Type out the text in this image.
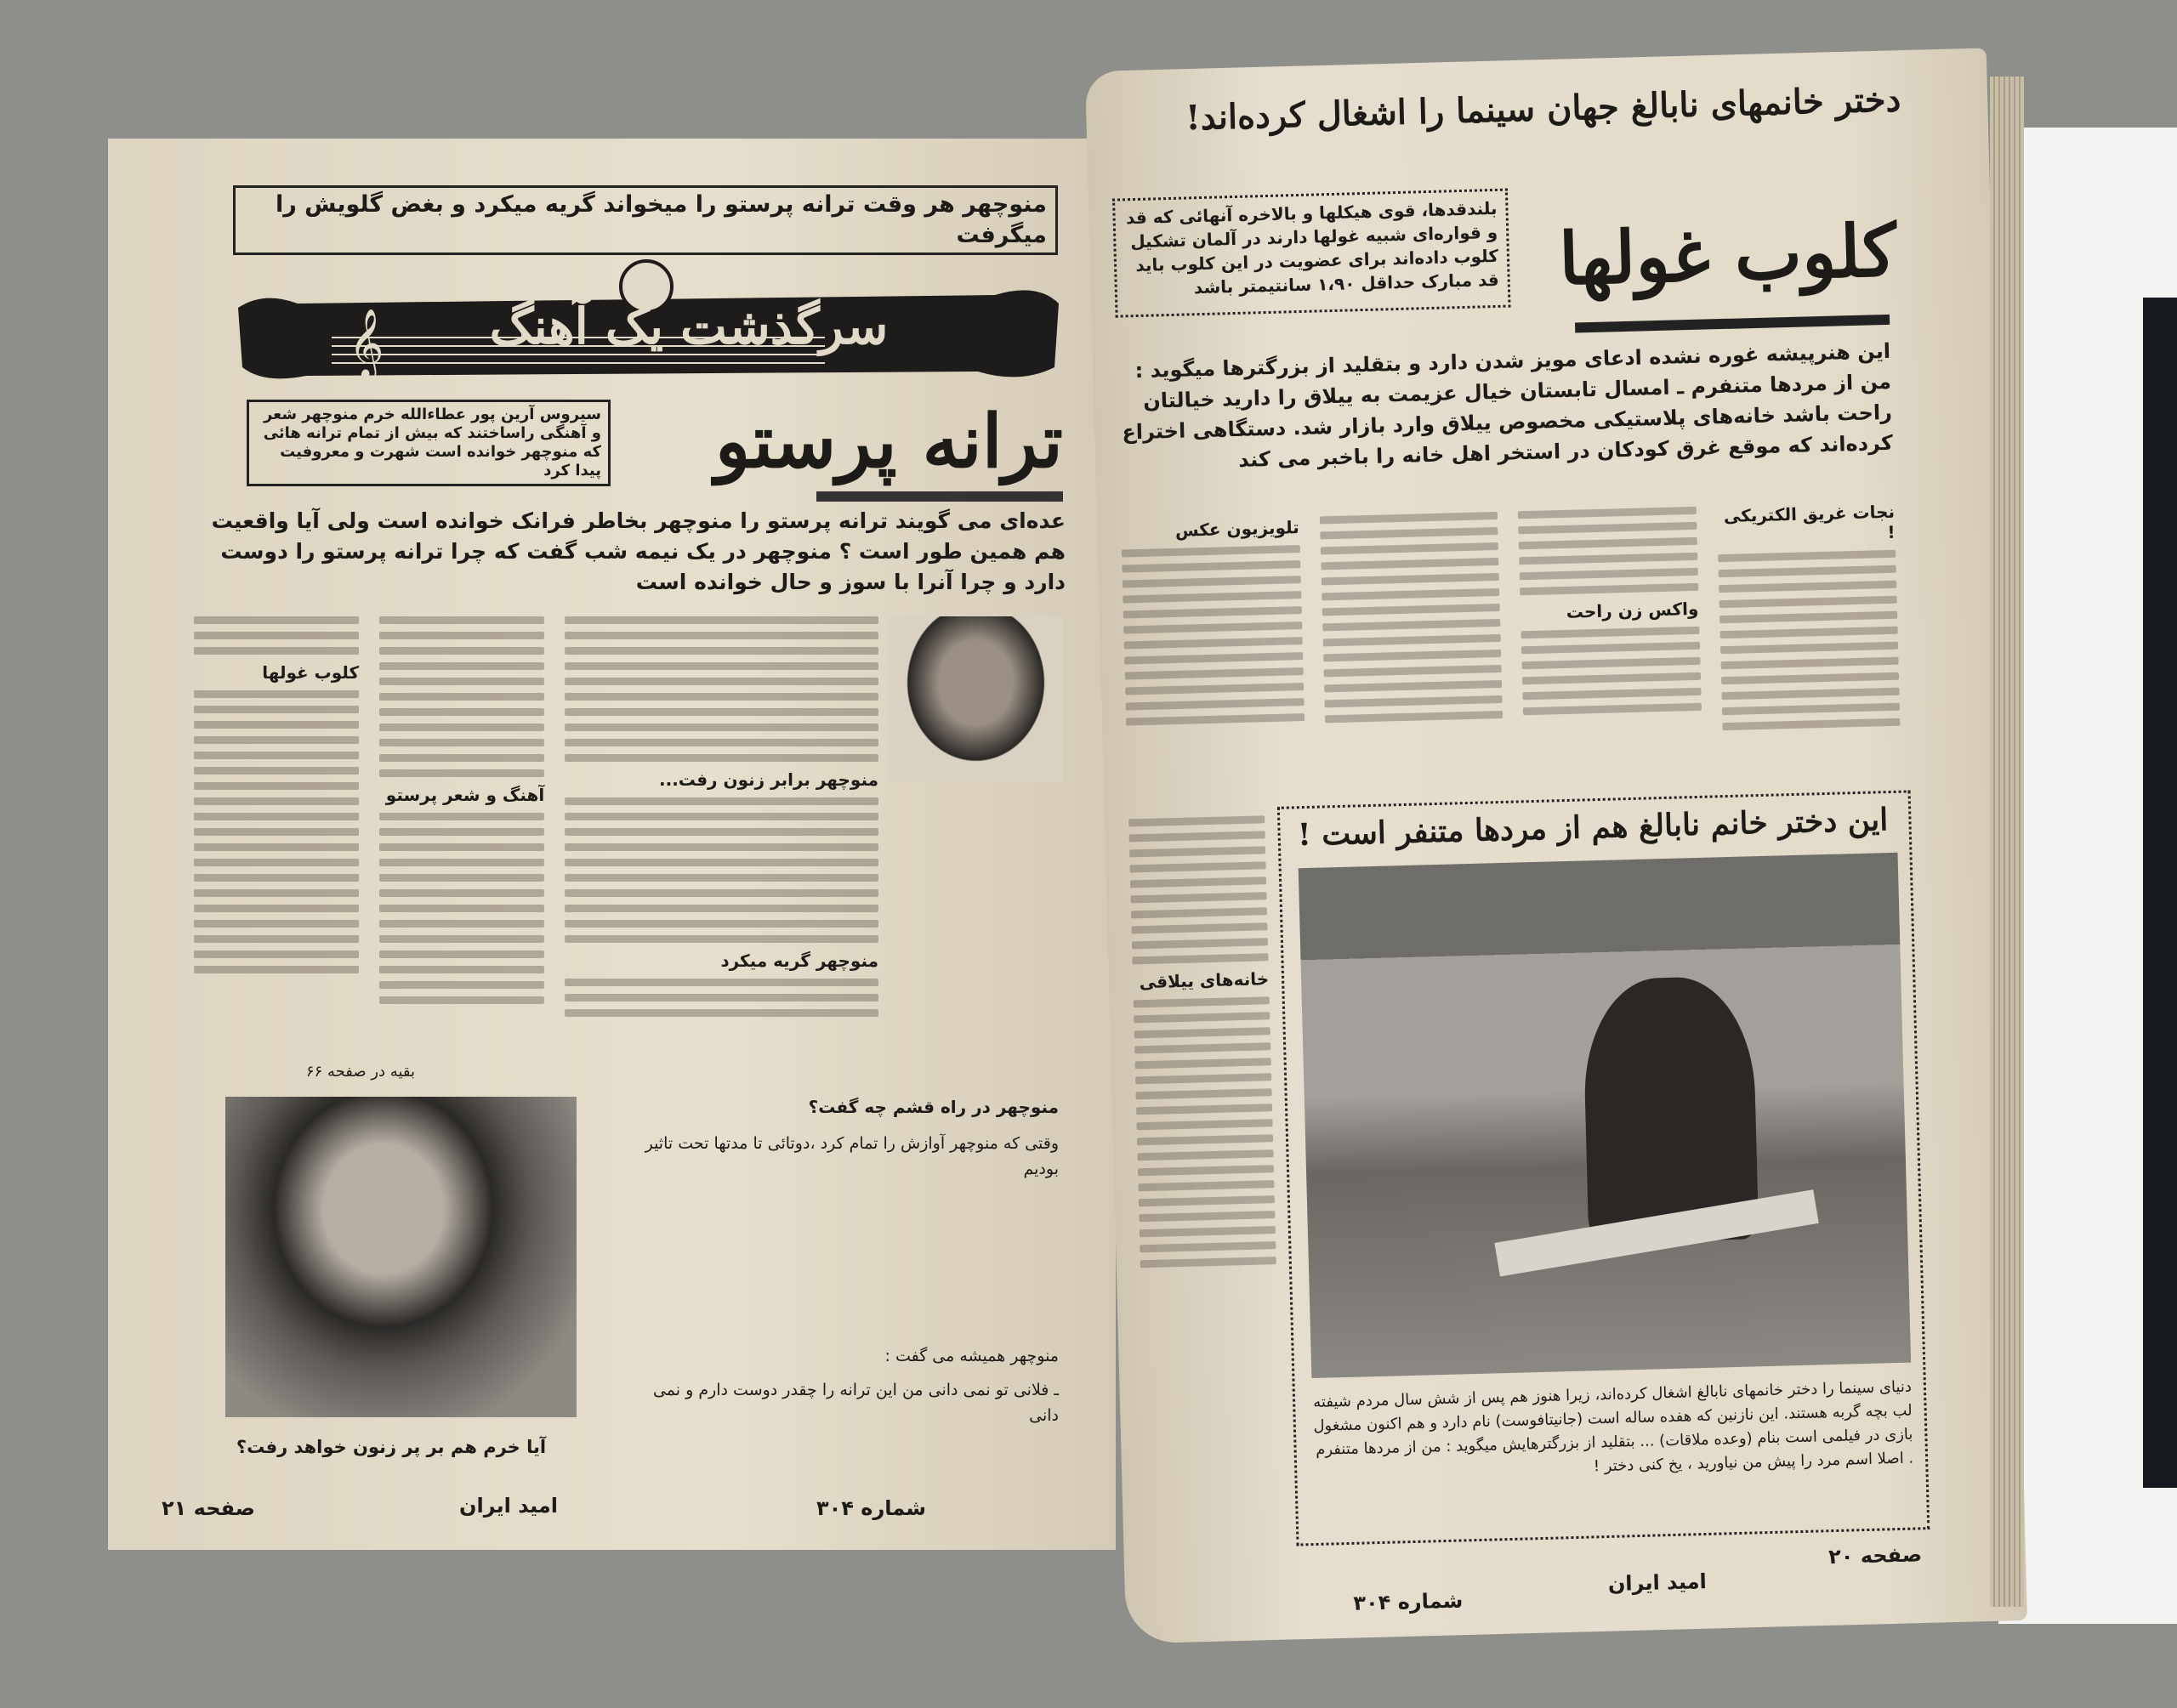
منوچهر هر وقت ترانه پرستو را میخواند گریه میکرد و بغض گلویش را میگرفت
𝄞	سرگذشت یک آهنگ
ترانه پرستو
سیروس آرین پور عطاءالله خرم منوچهر شعر و آهنگی راساختند که بیش از تمام ترانه هائی که منوچهر خوانده است شهرت و معروفیت پیدا کرد
عده‌ای می گویند ترانه پرستو را منوچهر بخاطر فرانک خوانده است ولی آیا واقعیت هم همین طور است ؟ منوچهر در یک نیمه شب گفت که چرا ترانه پرستو را دوست دارد و چرا آنرا با سوز و حال خوانده است
منوچهر برابر زنون رفت...
منوچهر گریه میکرد
آهنگ و شعر پرستو
کلوب غولها
منوچهر در راه قشم چه گفت؟
وقتی که منوچهر آوازش را تمام کرد ،دوتائی تا مدتها تحت تاثیر بودیم
منوچهر همیشه می گفت :
ـ فلانی تو نمی دانی من این ترانه را چقدر دوست دارم و نمی دانی
بقیه در صفحه ۶۶
آیا خرم هم بر پر زنون خواهد رفت؟
صفحه ۲۱	امید ایران	شماره ۳۰۴
دختر خانمهای نابالغ جهان سینما را اشغال کرده‌اند!
کلوب غولها
بلندقدها، قوی هیکلها و بالاخره آنهائی که قد و قواره‌ای شبیه غولها دارند در آلمان تشکیل کلوب داده‌اند برای عضویت در این کلوب باید قد مبارک حداقل ۱،۹۰ سانتیمتر باشد
این هنرپیشه غوره نشده ادعای مویز شدن دارد و بتقلید از بزرگترها میگوید : من از مردها متنفرم ـ امسال تابستان خیال عزیمت به ییلاق را دارید خیالتان راحت باشد خانه‌های پلاستیکی مخصوص ییلاق وارد بازار شد. دستگاهی اختراع کرده‌اند که موقع غرق کودکان در استخر اهل خانه را باخبر می کند
نجات غریق الکتریکی !
واکس زن راحت
تلویزیون عکس
خانه‌های ییلاقی
این دختر خانم نابالغ هم از مردها متنفر است !
دنیای سینما را دختر خانمهای نابالغ اشغال کرده‌اند، زیرا هنوز هم پس از شش سال مردم شیفته لب بچه گربه هستند. این نازنین که هفده ساله است (جانیتافوست) نام دارد و هم اکنون مشغول بازی در فیلمی است بنام (وعده ملاقات) ... بتقلید از بزرگترهایش میگوید : من از مردها متنفرم . اصلا اسم مرد را پیش من نیاورید ، یخ کنی دختر !
صفحه ۲۰
امید ایران
شماره ۳۰۴
